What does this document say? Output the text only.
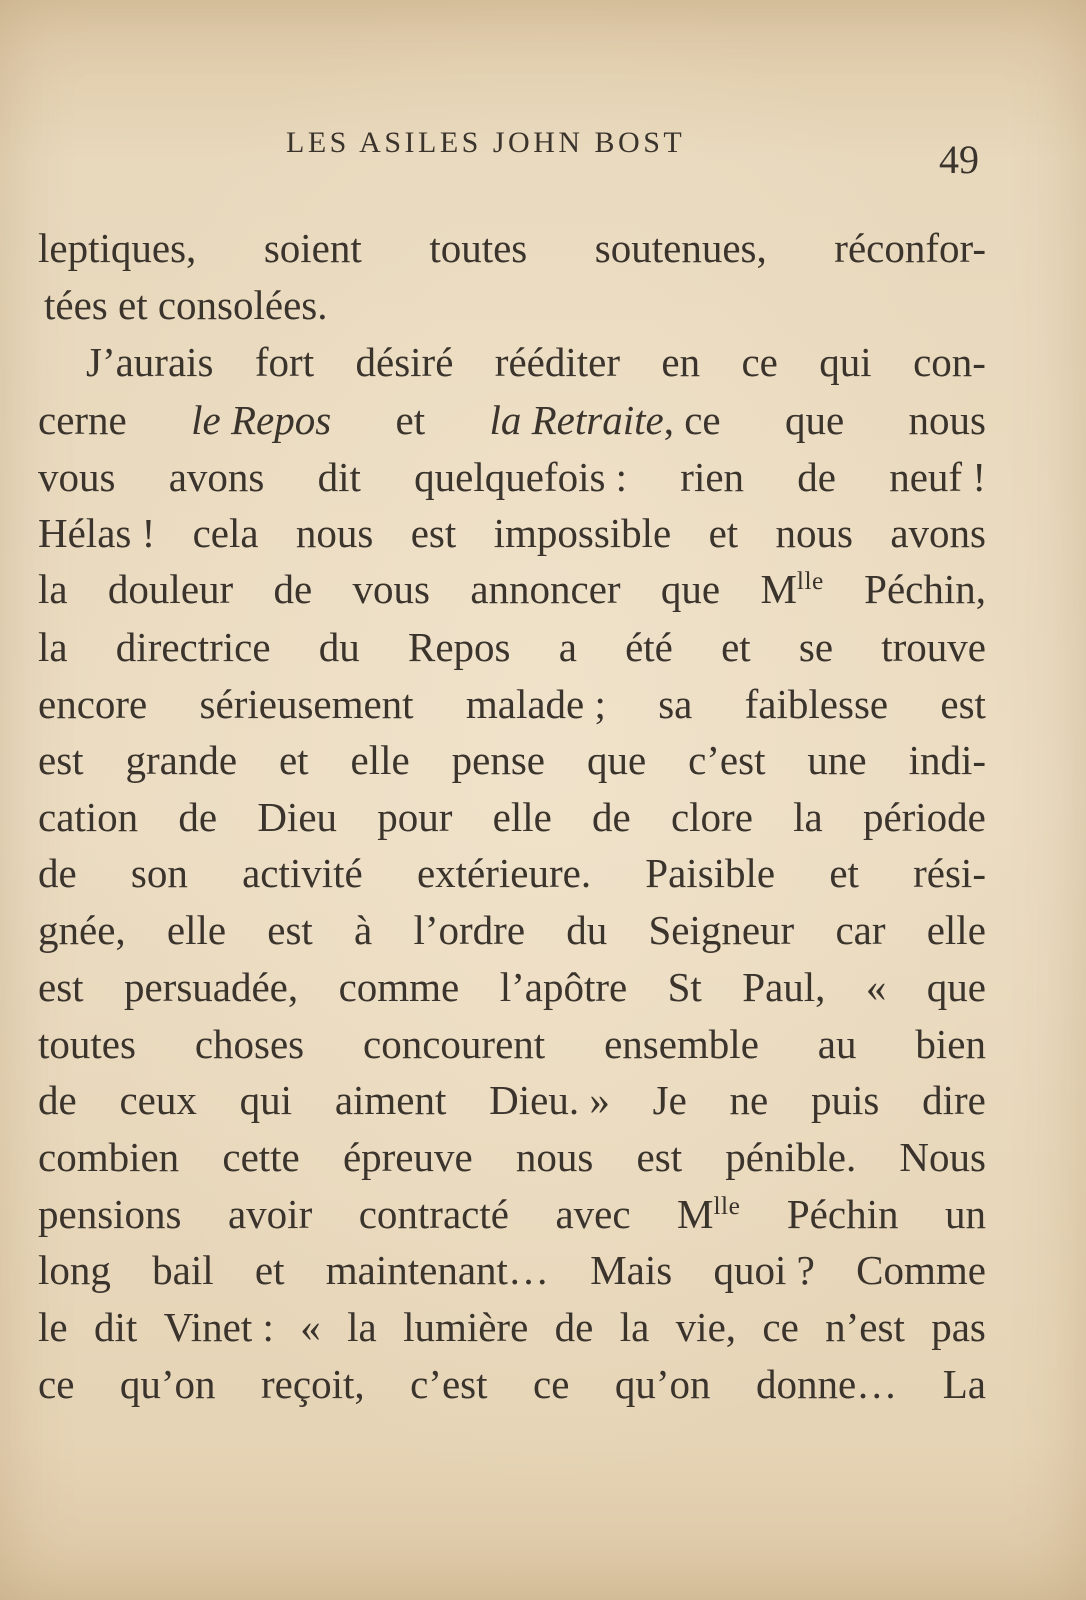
LES ASILES JOHN BOST	49
leptiques, soient toutes soutenues, réconfor-
tées et consolées.
J’aurais fort désiré rééditer en ce qui con-
cerne le Repos et la Retraite, ce que nous
vous avons dit quelquefois : rien de neuf !
Hélas ! cela nous est impossible et nous avons
la douleur de vous annoncer que $M^{lle}$ Péchin,
la directrice du Repos a été et se trouve
encore sérieusement malade ; sa faiblesse est
est grande et elle pense que c’est une indi-
cation de Dieu pour elle de clore la période
de son activité extérieure. Paisible et rési-
gnée, elle est à l’ordre du Seigneur car elle
est persuadée, comme l’apôtre St Paul, « que
toutes choses concourent ensemble au bien
de ceux qui aiment Dieu. » Je ne puis dire
combien cette épreuve nous est pénible. Nous
pensions avoir contracté avec $M^{lle}$ Péchin un
long bail et maintenant… Mais quoi ? Comme
le dit Vinet : « la lumière de la vie, ce n’est pas
ce qu’on reçoit, c’est ce qu’on donne… La
